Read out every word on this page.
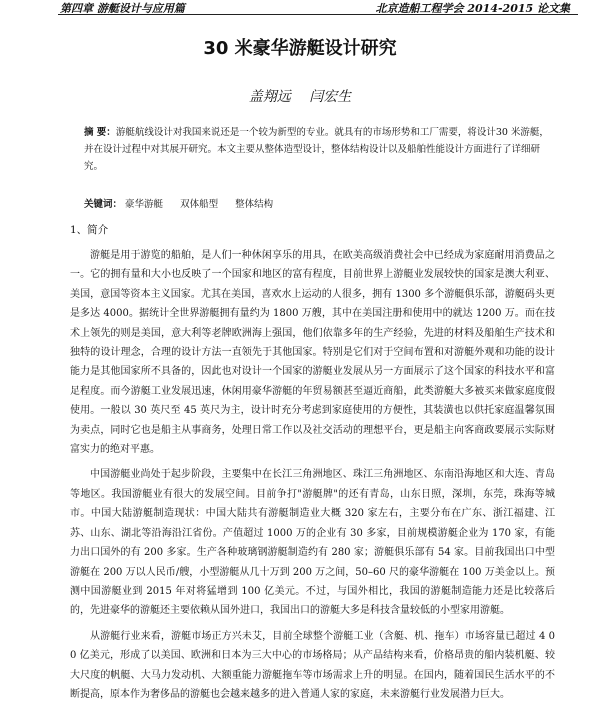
第四章 游艇设计与应用篇	北京造船工程学会 2014-2015 论文集
30 米豪华游艇设计研究
盖翔远 闫宏生
摘 要：游艇航线设计对我国来说还是一个较为新型的专业。就具有的市场形势和工厂需要，将设计30 米游艇，并在设计过程中对其展开研究。本文主要从整体造型设计，整体结构设计以及船舶性能设计方面进行了详细研究。
关键词： 豪华游艇 双体船型 整体结构
1、简介

游艇是用于游览的船舶，是人们一种休闲享乐的用具，在欧美高级消费社会中已经成为家庭耐用消费品之一。它的拥有量和大小也反映了一个国家和地区的富有程度，目前世界上游艇业发展较快的国家是澳大利亚、美国，意国等资本主义国家。尤其在美国，喜欢水上运动的人很多，拥有 1300 多个游艇俱乐部，游艇码头更是多达 4000。据统计全世界游艇拥有量约为 1800 万艘，其中在美国注册和使用中的就达 1200 万。而在技术上领先的则是美国，意大利等老牌欧洲海上强国，他们依靠多年的生产经验，先进的材料及船舶生产技术和独特的设计理念，合理的设计方法一直领先于其他国家。特别是它们对于空间布置和对游艇外观和功能的设计能力是其他国家所不具备的，因此也对设计一个国家的游艇业发展从另一方面展示了这个国家的科技水平和富足程度。而今游艇工业发展迅速，休闲用豪华游艇的年贸易额甚至逼近商船，此类游艇大多被买来做家庭度假使用。一般以 30 英尺至 45 英尺为主，设计时充分考虑到家庭使用的方便性，其装潢也以供托家庭温馨氛围为卖点，同时它也是船主从事商务，处理日常工作以及社交活动的理想平台，更是船主向客商政要展示实际财富实力的绝对平惠。

中国游艇业尚处于起步阶段，主要集中在长江三角洲地区、珠江三角洲地区、东南沿海地区和大连、青岛等地区。我国游艇业有很大的发展空间。目前争打"游艇牌"的还有青岛，山东日照，深圳，东莞，珠海等城市。中国大陆游艇制造现状：中国大陆共有游艇制造业大概 320 家左右，主要分布在广东、浙江福建、江苏、山东、湖北等沿海沿江省份。产值超过 1000 万的企业有 30 多家，目前规模游艇企业为 170 家，有能力出口国外的有 200 多家。生产各种玻璃钢游艇制造约有 280 家；游艇俱乐部有 54 家。目前我国出口中型游艇在 200 万以人民币/艘，小型游艇从几十万到 200 万之间，50–60 尺的豪华游艇在 100 万美金以上。预测中国游艇业到 2015 年对将猛增到 100 亿美元。不过，与国外相比，我国的游艇制造能力还是比较落后的，先进豪华的游艇还主要依赖从国外进口，我国出口的游艇大多是科技含量较低的小型家用游艇。

从游艇行业来看，游艇市场正方兴未艾，目前全球整个游艇工业（含艇、机、拖车）市场容量已超过 4 0 0 亿美元，形成了以美国、欧洲和日本为三大中心的市场格局；从产品结构来看，价格昂贵的船内装机艇、较大尺度的帆艇、大马力发动机、大额重能力游艇拖车等市场需求上升的明显。在国内，随着国民生活水平的不断提高，原本作为奢侈品的游艇也会越来越多的进入普通人家的家庭，未来游艇行业发展潜力巨大。
